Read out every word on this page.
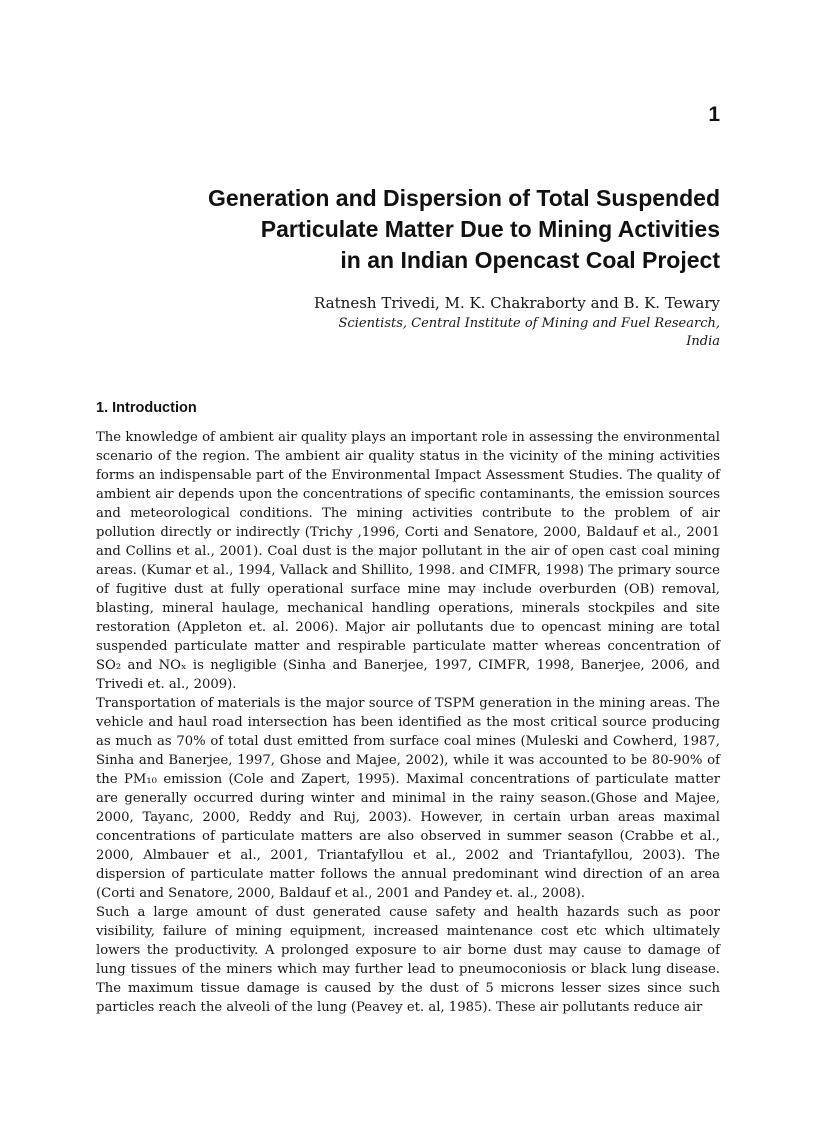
1
Generation and Dispersion of Total Suspended
Particulate Matter Due to Mining Activities
in an Indian Opencast Coal Project
Ratnesh Trivedi, M. K. Chakraborty and B. K. Tewary
Scientists, Central Institute of Mining and Fuel Research,
India
1. Introduction

The knowledge of ambient air quality plays an important role in assessing the environmental scenario of the region. The ambient air quality status in the vicinity of the mining activities forms an indispensable part of the Environmental Impact Assessment Studies. The quality of ambient air depends upon the concentrations of specific contaminants, the emission sources and meteorological conditions. The mining activities contribute to the problem of air pollution directly or indirectly (Trichy ,1996, Corti and Senatore, 2000, Baldauf et al., 2001 and Collins et al., 2001). Coal dust is the major pollutant in the air of open cast coal mining areas. (Kumar et al., 1994, Vallack and Shillito, 1998. and CIMFR, 1998) The primary source of fugitive dust at fully operational surface mine may include overburden (OB) removal, blasting, mineral haulage, mechanical handling operations, minerals stockpiles and site restoration (Appleton et. al. 2006). Major air pollutants due to opencast mining are total suspended particulate matter and respirable particulate matter whereas concentration of SO₂ and NOₓ is negligible (Sinha and Banerjee, 1997, CIMFR, 1998, Banerjee, 2006, and Trivedi et. al., 2009).

Transportation of materials is the major source of TSPM generation in the mining areas. The vehicle and haul road intersection has been identified as the most critical source producing as much as 70% of total dust emitted from surface coal mines (Muleski and Cowherd, 1987, Sinha and Banerjee, 1997, Ghose and Majee, 2002), while it was accounted to be 80-90% of the PM₁₀ emission (Cole and Zapert, 1995). Maximal concentrations of particulate matter are generally occurred during winter and minimal in the rainy season.(Ghose and Majee, 2000, Tayanc, 2000, Reddy and Ruj, 2003). However, in certain urban areas maximal concentrations of particulate matters are also observed in summer season (Crabbe et al., 2000, Almbauer et al., 2001, Triantafyllou et al., 2002 and Triantafyllou, 2003). The dispersion of particulate matter follows the annual predominant wind direction of an area (Corti and Senatore, 2000, Baldauf et al., 2001 and Pandey et. al., 2008).

Such a large amount of dust generated cause safety and health hazards such as poor visibility, failure of mining equipment, increased maintenance cost etc which ultimately lowers the productivity. A prolonged exposure to air borne dust may cause to damage of lung tissues of the miners which may further lead to pneumoconiosis or black lung disease. The maximum tissue damage is caused by the dust of 5 microns lesser sizes since such particles reach the alveoli of the lung (Peavey et. al, 1985). These air pollutants reduce air
